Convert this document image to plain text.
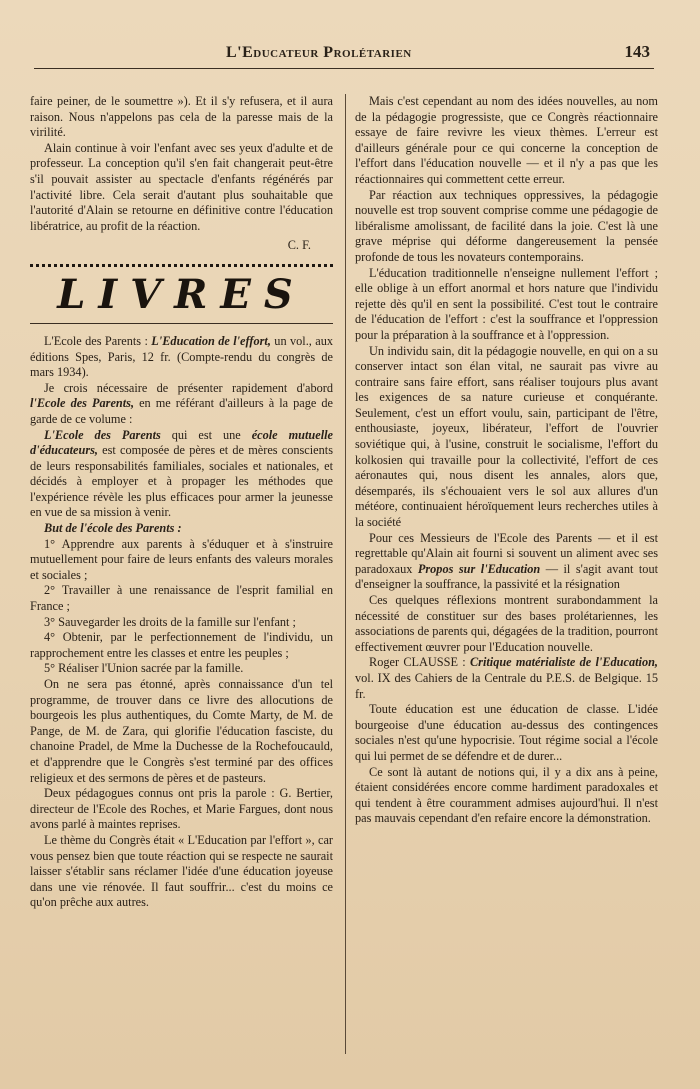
L'Educateur Prolétarien	143

faire peiner, de le soumettre »). Et il s'y refusera, et il aura raison. Nous n'appelons pas cela de la paresse mais de la virilité.

Alain continue à voir l'enfant avec ses yeux d'adulte et de professeur. La conception qu'il s'en fait changerait peut-être s'il pouvait assister au spectacle d'enfants régénérés par l'activité libre. Cela serait d'autant plus souhaitable que l'autorité d'Alain se retourne en définitive contre l'éducation libératrice, au profit de la réaction.

C. F.
LIVRES

L'Ecole des Parents : L'Education de l'effort, un vol., aux éditions Spes, Paris, 12 fr. (Compte-rendu du congrès de mars 1934).

Je crois nécessaire de présenter rapidement d'abord l'Ecole des Parents, en me référant d'ailleurs à la page de garde de ce volume :

L'Ecole des Parents qui est une école mutuelle d'éducateurs, est composée de pères et de mères conscients de leurs responsabilités familiales, sociales et nationales, et décidés à employer et à propager les méthodes que l'expérience révèle les plus efficaces pour armer la jeunesse en vue de sa mission à venir.

But de l'école des Parents :

1° Apprendre aux parents à s'éduquer et à s'instruire mutuellement pour faire de leurs enfants des valeurs morales et sociales ;

2° Travailler à une renaissance de l'esprit familial en France ;

3° Sauvegarder les droits de la famille sur l'enfant ;

4° Obtenir, par le perfectionnement de l'individu, un rapprochement entre les classes et entre les peuples ;

5° Réaliser l'Union sacrée par la famille.

On ne sera pas étonné, après connaissance d'un tel programme, de trouver dans ce livre des allocutions de bourgeois les plus authentiques, du Comte Marty, de M. de Pange, de M. de Zara, qui glorifie l'éducation fasciste, du chanoine Pradel, de Mme la Duchesse de la Rochefoucauld, et d'apprendre que le Congrès s'est terminé par des offices religieux et des sermons de pères et de pasteurs.

Deux pédagogues connus ont pris la parole : G. Bertier, directeur de l'Ecole des Roches, et Marie Fargues, dont nous avons parlé à maintes reprises.

Le thème du Congrès était « L'Education par l'effort », car vous pensez bien que toute réaction qui se respecte ne saurait laisser s'établir sans réclamer l'idée d'une éducation joyeuse dans une vie rénovée. Il faut souffrir... c'est du moins ce qu'on prêche aux autres.

Mais c'est cependant au nom des idées nouvelles, au nom de la pédagogie progressiste, que ce Congrès réactionnaire essaye de faire revivre les vieux thèmes. L'erreur est d'ailleurs générale pour ce qui concerne la conception de l'effort dans l'éducation nouvelle — et il n'y a pas que les réactionnaires qui commettent cette erreur.

Par réaction aux techniques oppressives, la pédagogie nouvelle est trop souvent comprise comme une pédagogie de libéralisme amolissant, de facilité dans la joie. C'est là une grave méprise qui déforme dangereusement la pensée profonde de tous les novateurs contemporains.

L'éducation traditionnelle n'enseigne nullement l'effort ; elle oblige à un effort anormal et hors nature que l'individu rejette dès qu'il en sent la possibilité. C'est tout le contraire de l'éducation de l'effort : c'est la souffrance et l'oppression pour la préparation à la souffrance et à l'oppression.

Un individu sain, dit la pédagogie nouvelle, en qui on a su conserver intact son élan vital, ne saurait pas vivre au contraire sans faire effort, sans réaliser toujours plus avant les exigences de sa nature curieuse et conquérante. Seulement, c'est un effort voulu, sain, participant de l'être, enthousiaste, joyeux, libérateur, l'effort de l'ouvrier soviétique qui, à l'usine, construit le socialisme, l'effort du kolkosien qui travaille pour la collectivité, l'effort de ces aéronautes qui, nous disent les annales, alors que, désemparés, ils s'échouaient vers le sol aux allures d'un météore, continuaient héroïquement leurs recherches utiles à la société

Pour ces Messieurs de l'Ecole des Parents — et il est regrettable qu'Alain ait fourni si souvent un aliment avec ses paradoxaux Propos sur l'Education — il s'agit avant tout d'enseigner la souffrance, la passivité et la résignation

Ces quelques réflexions montrent surabondamment la nécessité de constituer sur des bases prolétariennes, les associations de parents qui, dégagées de la tradition, pourront effectivement œuvrer pour l'Education nouvelle.

Roger CLAUSSE : Critique matérialiste de l'Education, vol. IX des Cahiers de la Centrale du P.E.S. de Belgique. 15 fr.

Toute éducation est une éducation de classe. L'idée bourgeoise d'une éducation au-dessus des contingences sociales n'est qu'une hypocrisie. Tout régime social a l'école qui lui permet de se défendre et de durer...

Ce sont là autant de notions qui, il y a dix ans à peine, étaient considérées encore comme hardiment paradoxales et qui tendent à être couramment admises aujourd'hui. Il n'est pas mauvais cependant d'en refaire encore la démonstration.
